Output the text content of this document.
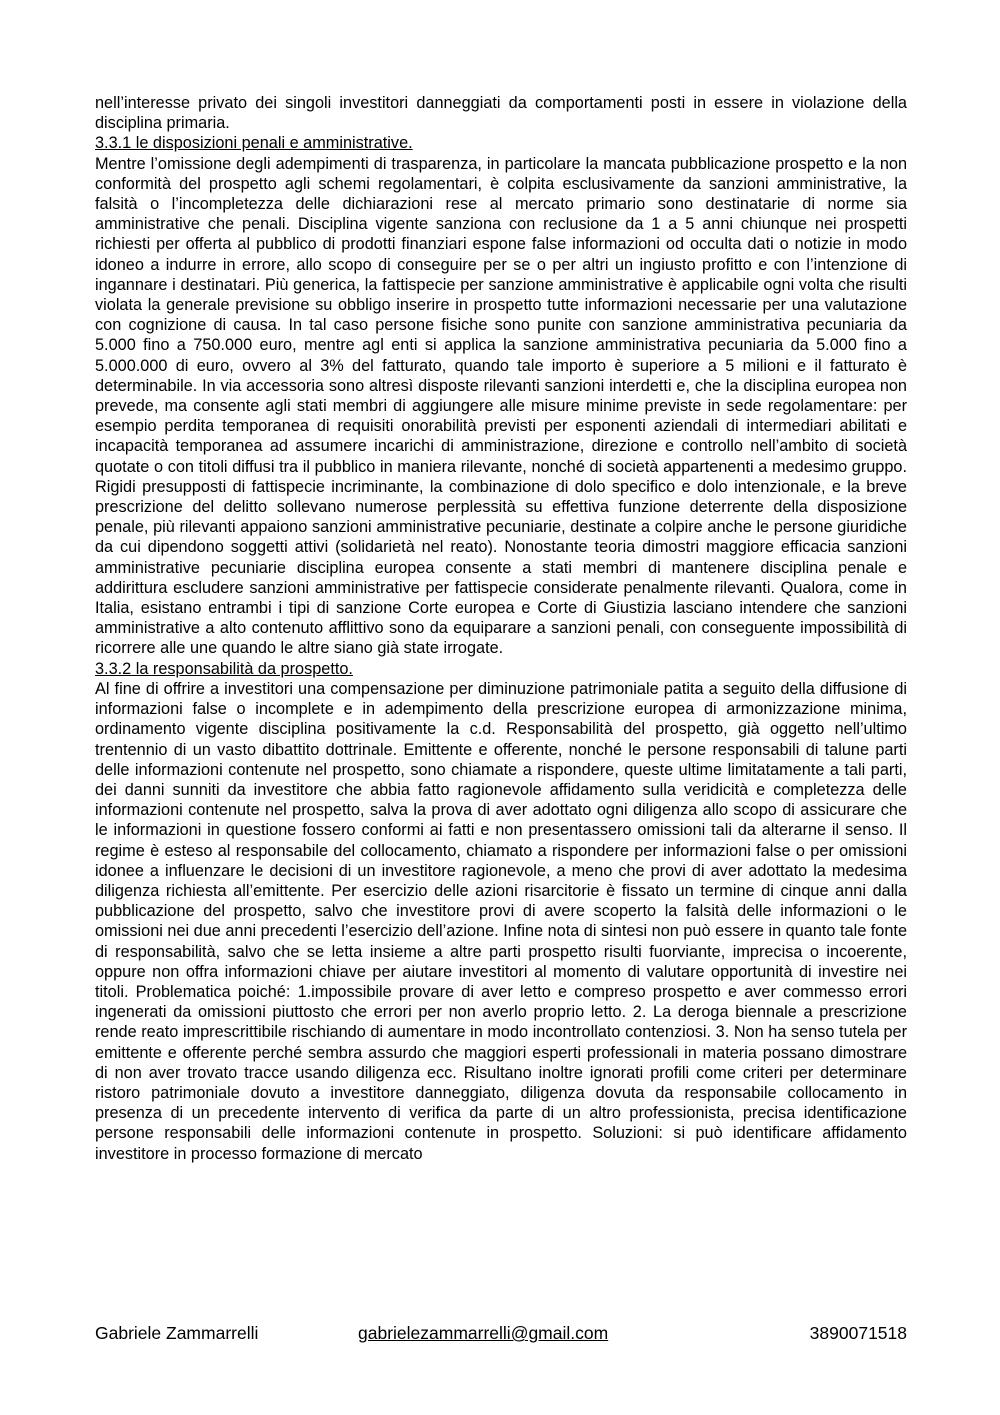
nell’interesse privato dei singoli investitori danneggiati da comportamenti posti in essere in violazione della disciplina primaria.

3.3.1 le disposizioni penali e amministrative.

Mentre l’omissione degli adempimenti di trasparenza, in particolare la mancata pubblicazione prospetto e la non conformità del prospetto agli schemi regolamentari, è colpita esclusivamente da sanzioni amministrative, la falsità o l’incompletezza delle dichiarazioni rese al mercato primario sono destinatarie di norme sia amministrative che penali. Disciplina vigente sanziona con reclusione da 1 a 5 anni chiunque nei prospetti richiesti per offerta al pubblico di prodotti finanziari espone false informazioni od occulta dati o notizie in modo idoneo a indurre in errore, allo scopo di conseguire per se o per altri un ingiusto profitto e con l’intenzione di ingannare i destinatari. Più generica, la fattispecie per sanzione amministrative è applicabile ogni volta che risulti violata la generale previsione su obbligo inserire in prospetto tutte informazioni necessarie per una valutazione con cognizione di causa. In tal caso persone fisiche sono punite con sanzione amministrativa pecuniaria da 5.000 fino a 750.000 euro, mentre agl enti si applica la sanzione amministrativa pecuniaria da 5.000 fino a 5.000.000 di euro, ovvero al 3% del fatturato, quando tale importo è superiore a 5 milioni e il fatturato è determinabile. In via accessoria sono altresì disposte rilevanti sanzioni interdetti e, che la disciplina europea non prevede, ma consente agli stati membri di aggiungere alle misure minime previste in sede regolamentare: per esempio perdita temporanea di requisiti onorabilità previsti per esponenti aziendali di intermediari abilitati e incapacità temporanea ad assumere incarichi di amministrazione, direzione e controllo nell’ambito di società quotate o con titoli diffusi tra il pubblico in maniera rilevante, nonché di società appartenenti a medesimo gruppo. Rigidi presupposti di fattispecie incriminante, la combinazione di dolo specifico e dolo intenzionale, e la breve prescrizione del delitto sollevano numerose perplessità su effettiva funzione deterrente della disposizione penale, più rilevanti appaiono sanzioni amministrative pecuniarie, destinate a colpire anche le persone giuridiche da cui dipendono soggetti attivi (solidarietà nel reato). Nonostante teoria dimostri maggiore efficacia sanzioni amministrative pecuniarie disciplina europea consente a stati membri di mantenere disciplina penale e addirittura escludere sanzioni amministrative per fattispecie considerate penalmente rilevanti. Qualora, come in Italia, esistano entrambi i tipi di sanzione Corte europea e Corte di Giustizia lasciano intendere che sanzioni amministrative a alto contenuto afflittivo sono da equiparare a sanzioni penali, con conseguente impossibilità di ricorrere alle une quando le altre siano già state irrogate.

3.3.2 la responsabilità da prospetto.

Al fine di offrire a investitori una compensazione per diminuzione patrimoniale patita a seguito della diffusione di informazioni false o incomplete e in adempimento della prescrizione europea di armonizzazione minima, ordinamento vigente disciplina positivamente la c.d. Responsabilità del prospetto, già oggetto nell’ultimo trentennio di un vasto dibattito dottrinale. Emittente e offerente, nonché le persone responsabili di talune parti delle informazioni contenute nel prospetto, sono chiamate a rispondere, queste ultime limitatamente a tali parti, dei danni sunniti da investitore che abbia fatto ragionevole affidamento sulla veridicità e completezza delle informazioni contenute nel prospetto, salva la prova di aver adottato ogni diligenza allo scopo di assicurare che le informazioni in questione fossero conformi ai fatti e non presentassero omissioni tali da alterarne il senso. Il regime è esteso al responsabile del collocamento, chiamato a rispondere per informazioni false o per omissioni idonee a influenzare le decisioni di un investitore ragionevole, a meno che provi di aver adottato la medesima diligenza richiesta all’emittente. Per esercizio delle azioni risarcitorie è fissato un termine di cinque anni dalla pubblicazione del prospetto, salvo che investitore provi di avere scoperto la falsità delle informazioni o le omissioni nei due anni precedenti l’esercizio dell’azione. Infine nota di sintesi non può essere in quanto tale fonte di responsabilità, salvo che se letta insieme a altre parti prospetto risulti fuorviante, imprecisa o incoerente, oppure non offra informazioni chiave per aiutare investitori al momento di valutare opportunità di investire nei titoli. Problematica poiché: 1.impossibile provare di aver letto e compreso prospetto e aver commesso errori ingenerati da omissioni piuttosto che errori per non averlo proprio letto. 2. La deroga biennale a prescrizione rende reato imprescrittibile rischiando di aumentare in modo incontrollato contenziosi. 3. Non ha senso tutela per emittente e offerente perché sembra assurdo che maggiori esperti professionali in materia possano dimostrare di non aver trovato tracce usando diligenza ecc. Risultano inoltre ignorati profili come criteri per determinare ristoro patrimoniale dovuto a investitore danneggiato, diligenza dovuta da responsabile collocamento in presenza di un precedente intervento di verifica da parte di un altro professionista, precisa identificazione persone responsabili delle informazioni contenute in prospetto. Soluzioni: si può identificare affidamento investitore in processo formazione di mercato

Gabriele Zammarrelli	gabrielezammarrelli@gmail.com	3890071518
